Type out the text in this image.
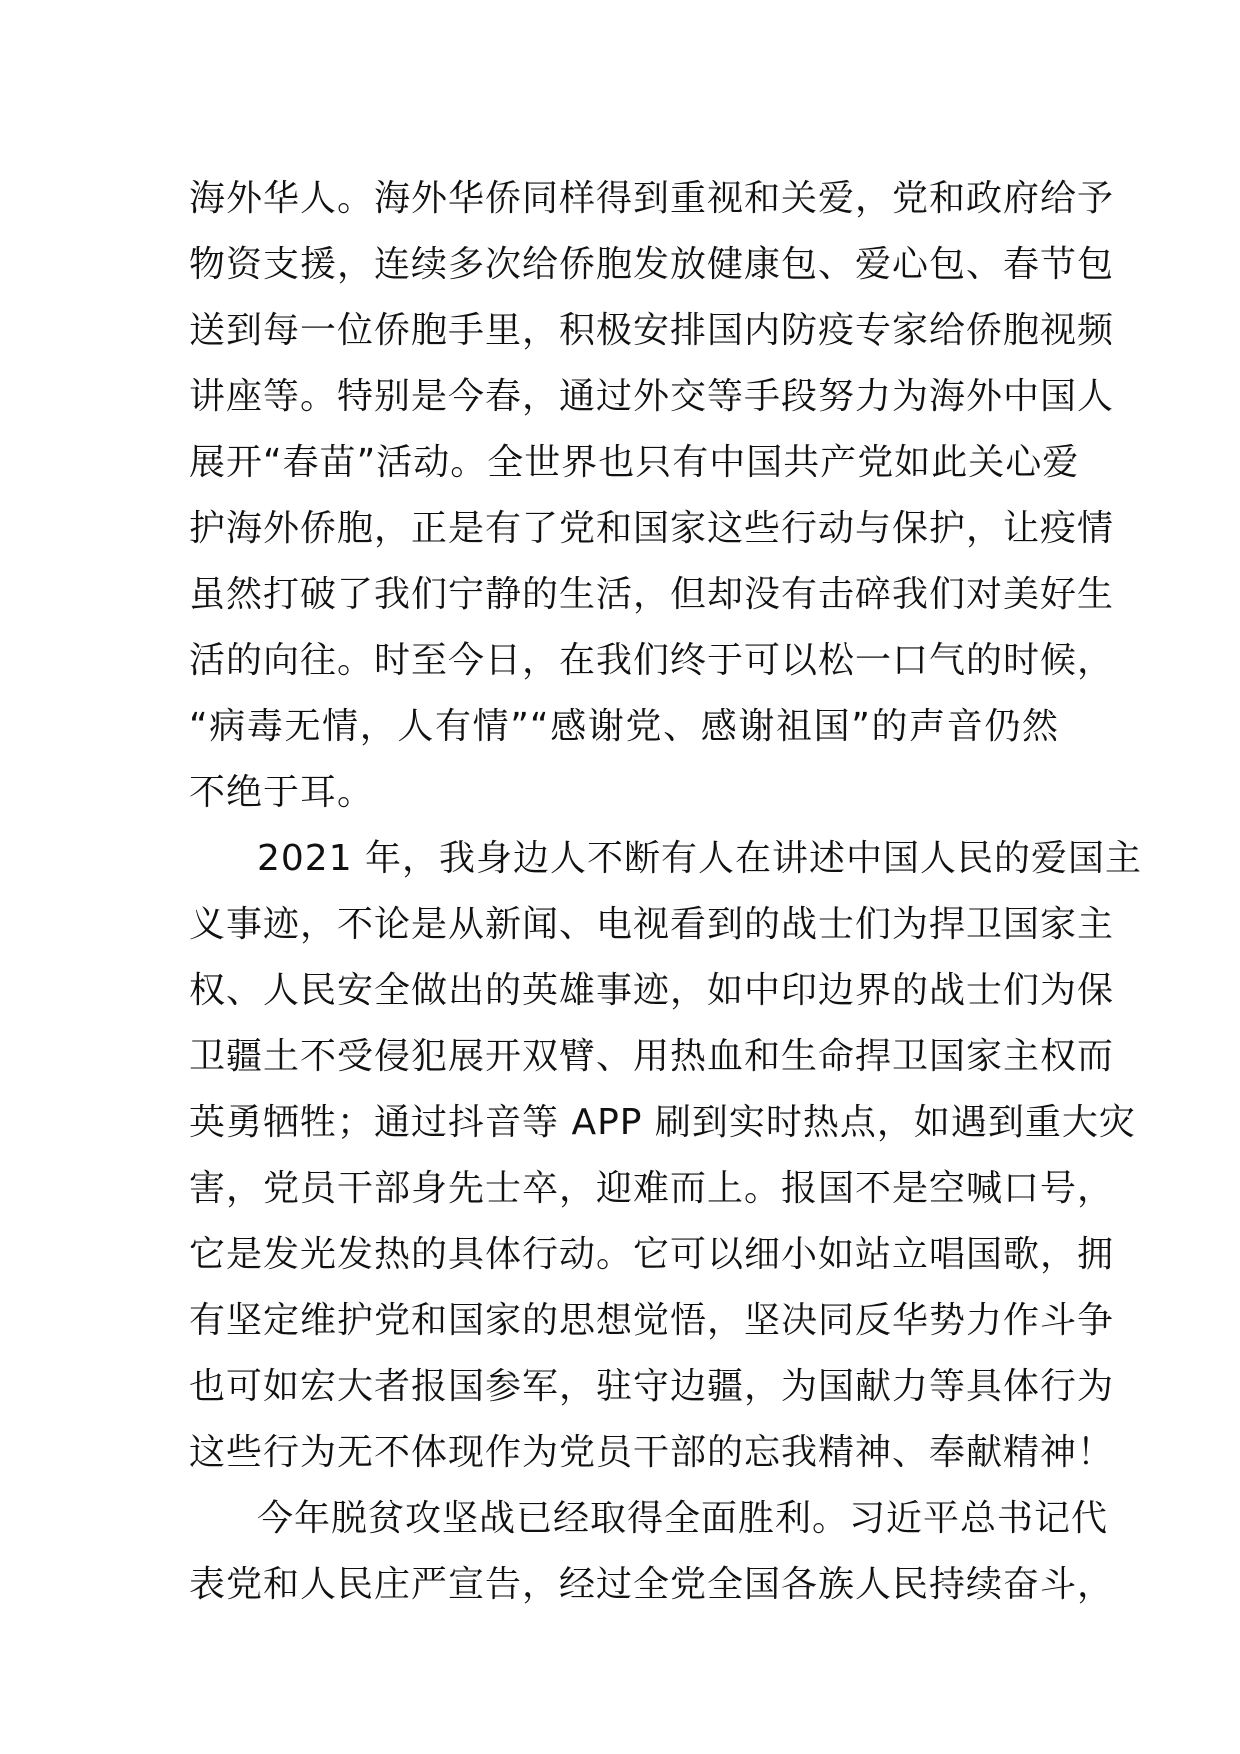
海外华人。海外华侨同样得到重视和关爱，党和政府给予
物资支援，连续多次给侨胞发放健康包、爱心包、春节包
送到每一位侨胞手里，积极安排国内防疫专家给侨胞视频
讲座等。特别是今春，通过外交等手段努力为海外中国人
展开“春苗”活动。全世界也只有中国共产党如此关心爱
护海外侨胞，正是有了党和国家这些行动与保护，让疫情
虽然打破了我们宁静的生活，但却没有击碎我们对美好生
活的向往。时至今日，在我们终于可以松一口气的时候，
“病毒无情，人有情”“感谢党、感谢祖国”的声音仍然
不绝于耳。
2021 年，我身边人不断有人在讲述中国人民的爱国主
义事迹，不论是从新闻、电视看到的战士们为捍卫国家主
权、人民安全做出的英雄事迹，如中印边界的战士们为保
卫疆土不受侵犯展开双臂、用热血和生命捍卫国家主权而
英勇牺牲；通过抖音等 APP 刷到实时热点，如遇到重大灾
害，党员干部身先士卒，迎难而上。报国不是空喊口号，
它是发光发热的具体行动。它可以细小如站立唱国歌，拥
有坚定维护党和国家的思想觉悟，坚决同反华势力作斗争
也可如宏大者报国参军，驻守边疆，为国献力等具体行为
这些行为无不体现作为党员干部的忘我精神、奉献精神！
今年脱贫攻坚战已经取得全面胜利。习近平总书记代
表党和人民庄严宣告，经过全党全国各族人民持续奋斗，
